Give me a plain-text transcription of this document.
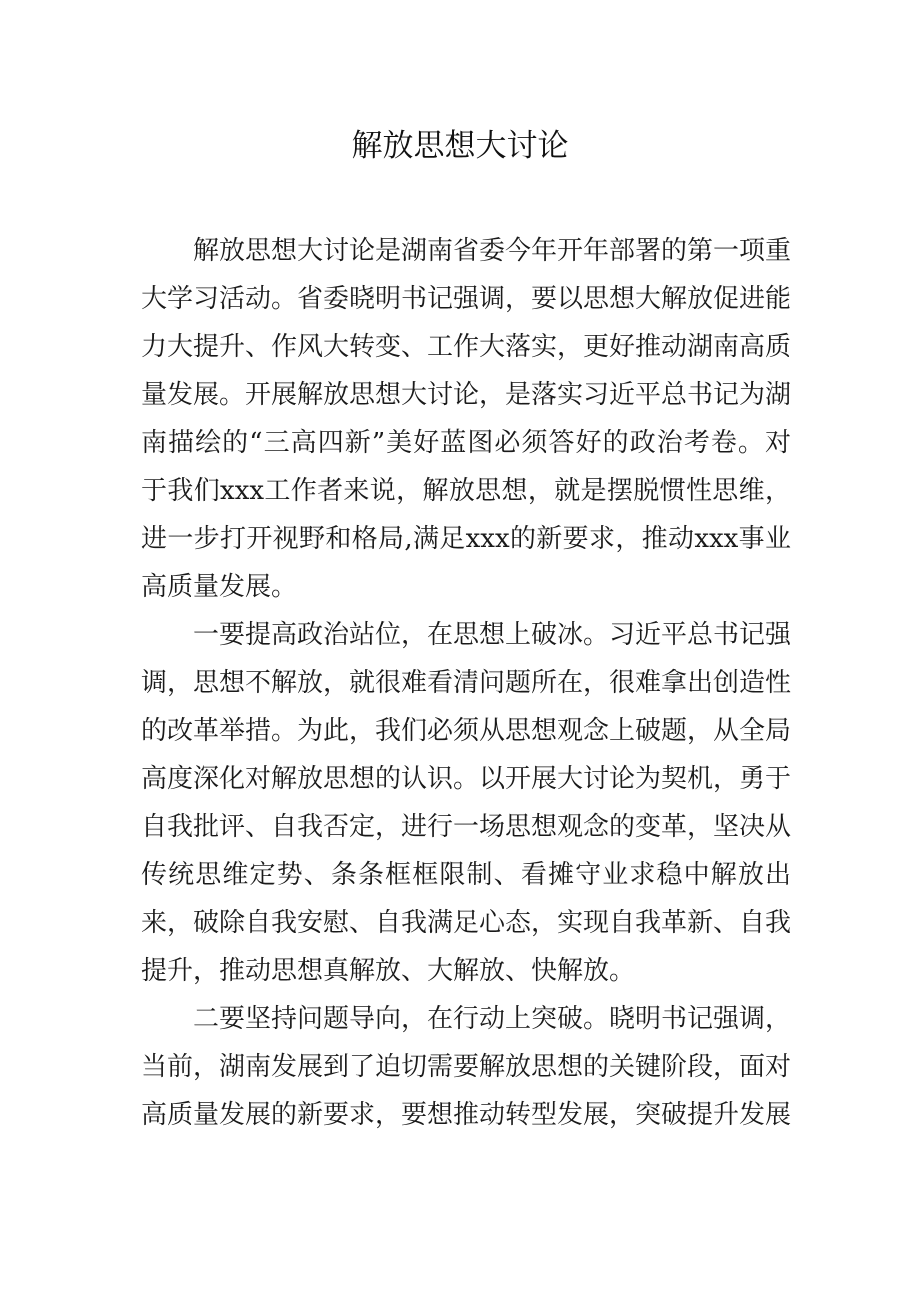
解放思想大讨论

解放思想大讨论是湖南省委今年开年部署的第一项重大学习活动。省委晓明书记强调，要以思想大解放促进能力大提升、作风大转变、工作大落实，更好推动湖南高质量发展。开展解放思想大讨论，是落实习近平总书记为湖南描绘的“三高四新”美好蓝图必须答好的政治考卷。对于我们xxx工作者来说，解放思想，就是摆脱惯性思维，进一步打开视野和格局,满足xxx的新要求，推动xxx事业高质量发展。

一要提高政治站位，在思想上破冰。习近平总书记强调，思想不解放，就很难看清问题所在，很难拿出创造性的改革举措。为此，我们必须从思想观念上破题，从全局高度深化对解放思想的认识。以开展大讨论为契机，勇于自我批评、自我否定，进行一场思想观念的变革，坚决从传统思维定势、条条框框限制、看摊守业求稳中解放出来，破除自我安慰、自我满足心态，实现自我革新、自我提升，推动思想真解放、大解放、快解放。

二要坚持问题导向，在行动上突破。晓明书记强调，当前，湖南发展到了迫切需要解放思想的关键阶段，面对高质量发展的新要求，要想推动转型发展，突破提升发展
